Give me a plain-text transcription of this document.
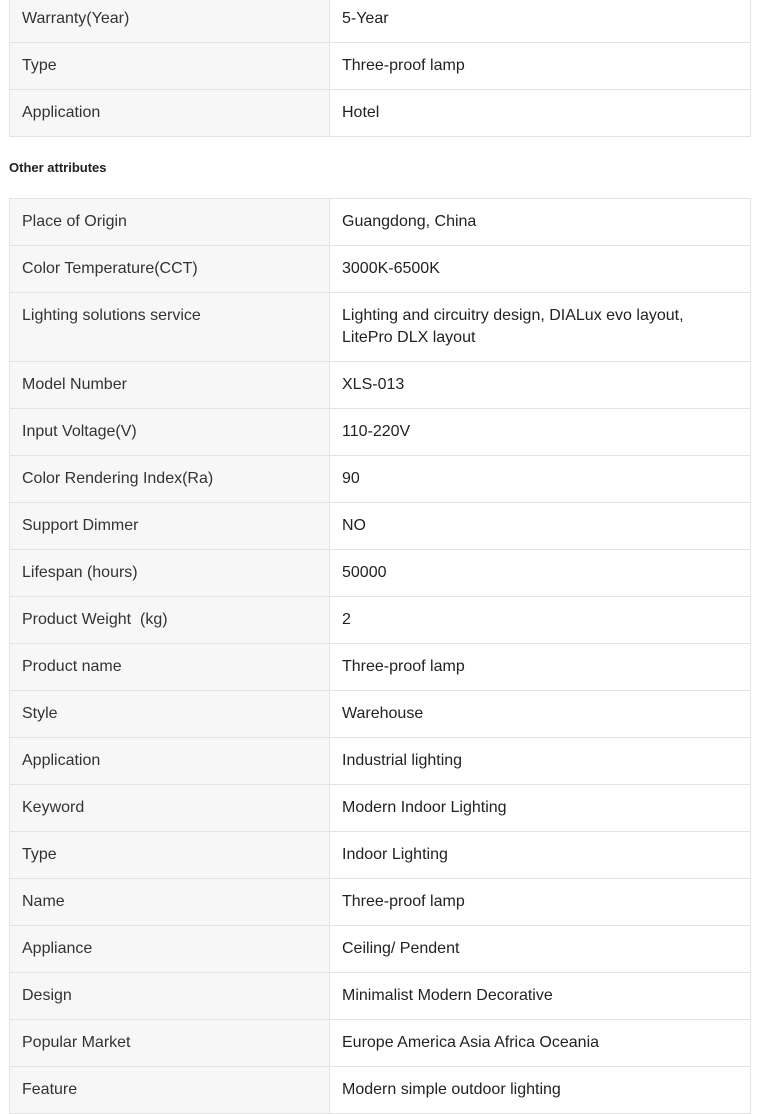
Warranty(Year)	5-Year
Type	Three-proof lamp
Application	Hotel
Other attributes
Place of Origin	Guangdong, China
Color Temperature(CCT)	3000K-6500K
Lighting solutions service	Lighting and circuitry design, DIALux evo layout, LitePro DLX layout
Model Number	XLS-013
Input Voltage(V)	110-220V
Color Rendering Index(Ra)	90
Support Dimmer	NO
Lifespan (hours)	50000
Product Weight  (kg)	2
Product name	Three-proof lamp
Style	Warehouse
Application	Industrial lighting
Keyword	Modern Indoor Lighting
Type	Indoor Lighting
Name	Three-proof lamp
Appliance	Ceiling/ Pendent
Design	Minimalist Modern Decorative
Popular Market	Europe America Asia Africa Oceania
Feature	Modern simple outdoor lighting
